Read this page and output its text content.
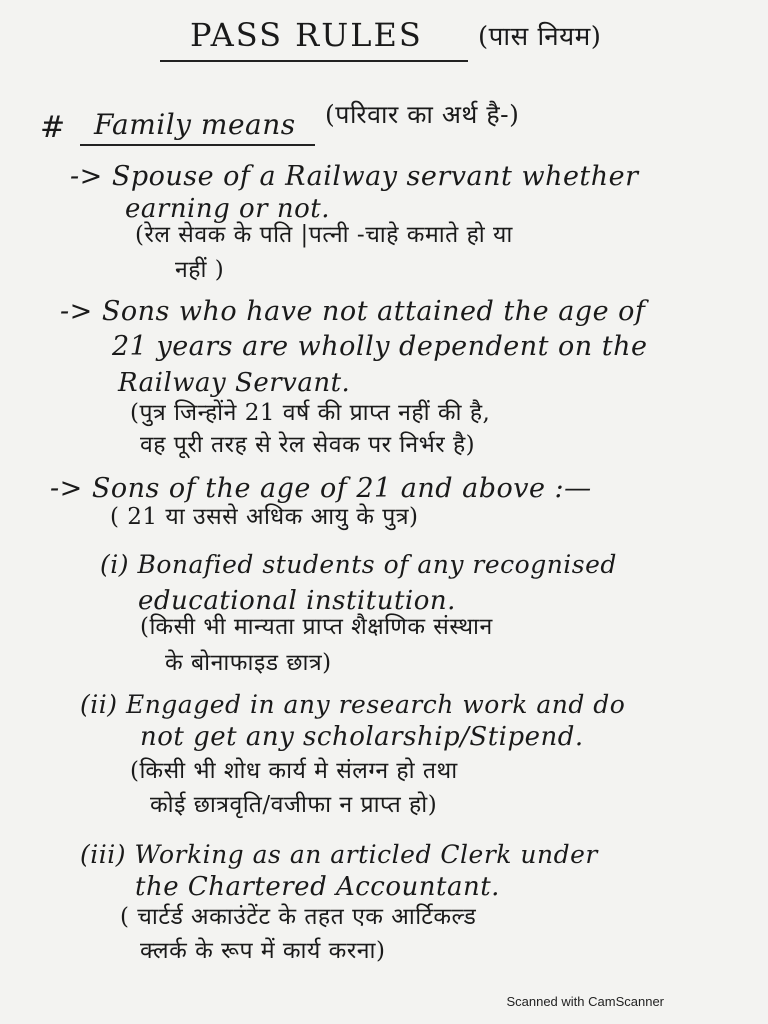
PASS RULES (पास नियम)
# Family means (परिवार का अर्थ है-)
-> Spouse of a Railway servant whether
earning or not.
(रेल सेवक के पति |पत्नी -चाहे कमाते हो या
नहीं )
-> Sons who have not attained the age of
21 years are wholly dependent on the
Railway Servant.
(पुत्र जिन्होंने 21 वर्ष की प्राप्त नहीं की है,
वह पूरी तरह से रेल सेवक पर निर्भर है)
-> Sons of the age of 21 and above :—
( 21 या उससे अधिक आयु के पुत्र)
(i) Bonafied students of any recognised
educational institution.
(किसी भी मान्यता प्राप्त शैक्षणिक संस्थान
के बोनाफाइड छात्र)
(ii) Engaged in any research work and do
not get any scholarship/Stipend.
(किसी भी शोध कार्य मे संलग्न हो तथा
कोई छात्रवृति/वजीफा न प्राप्त हो)
(iii) Working as an articled Clerk under
the Chartered Accountant.
( चार्टर्ड अकाउंटेंट के तहत एक आर्टिकल्ड
क्लर्क के रूप में कार्य करना)
Scanned with CamScanner
